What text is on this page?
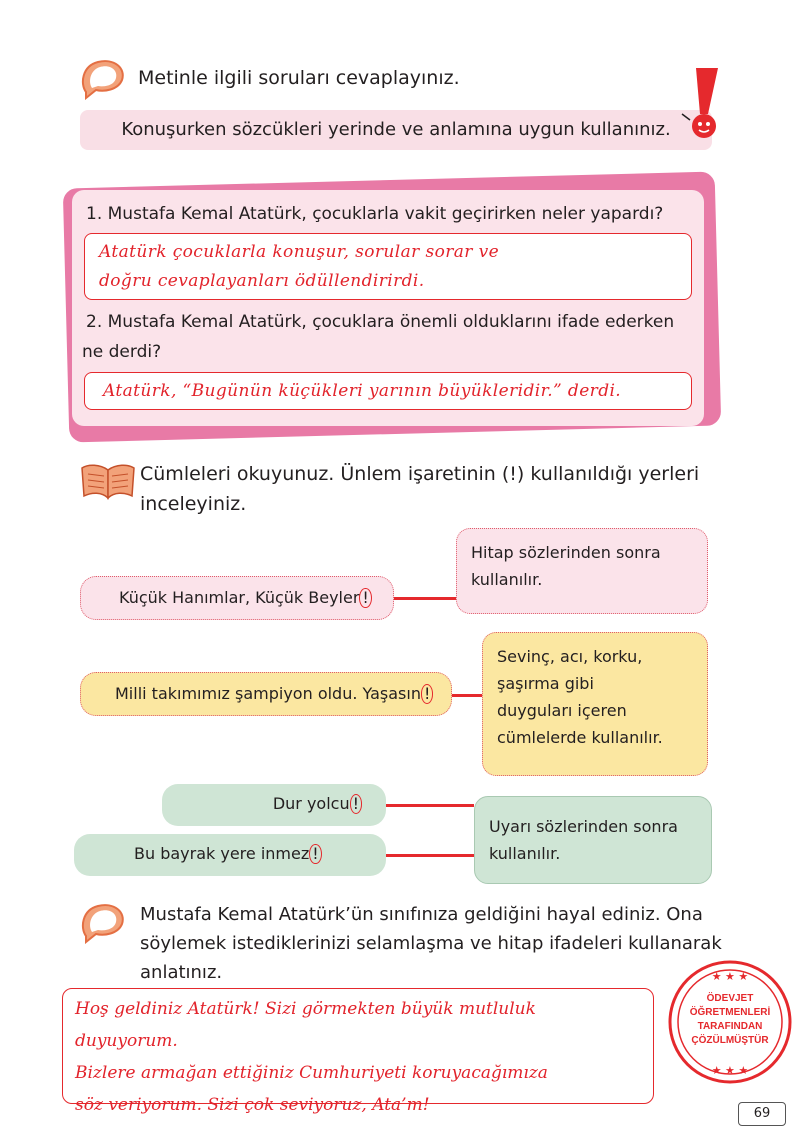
Metinle ilgili soruları cevaplayınız.
Konuşurken sözcükleri yerinde ve anlamına uygun kullanınız.
1. Mustafa Kemal Atatürk, çocuklarla vakit geçirirken neler yapardı?
Atatürk çocuklarla konuşur, sorular sorar ve
doğru cevaplayanları ödüllendirirdi.
2. Mustafa Kemal Atatürk, çocuklara önemli olduklarını ifade ederken
ne derdi?
Atatürk, “Bugünün küçükleri yarının büyükleridir.” derdi.
Cümleleri okuyunuz. Ünlem işaretinin (!) kullanıldığı yerleri
inceleyiniz.
Küçük Hanımlar, Küçük Beyler !
Hitap sözlerinden sonra
kullanılır.
Milli takımımız şampiyon oldu. Yaşasın !
Sevinç, acı, korku,
şaşırma gibi
duyguları içeren
cümlelerde kullanılır.
Dur yolcu !
Bu bayrak yere inmez !
Uyarı sözlerinden sonra
kullanılır.
Mustafa Kemal Atatürk’ün sınıfınıza geldiğini hayal ediniz. Ona
söylemek istediklerinizi selamlaşma ve hitap ifadeleri kullanarak
anlatınız.
Hoş geldiniz Atatürk! Sizi görmekten büyük mutluluk duyuyorum.
Bizlere armağan ettiğiniz Cumhuriyeti koruyacağımıza
söz veriyorum. Sizi çok seviyoruz, Ata’m!
★ ★ ★
★ ★ ★
ÖDEVJET
ÖĞRETMENLERİ
TARAFINDAN
ÇÖZÜLMÜŞTÜR
69
